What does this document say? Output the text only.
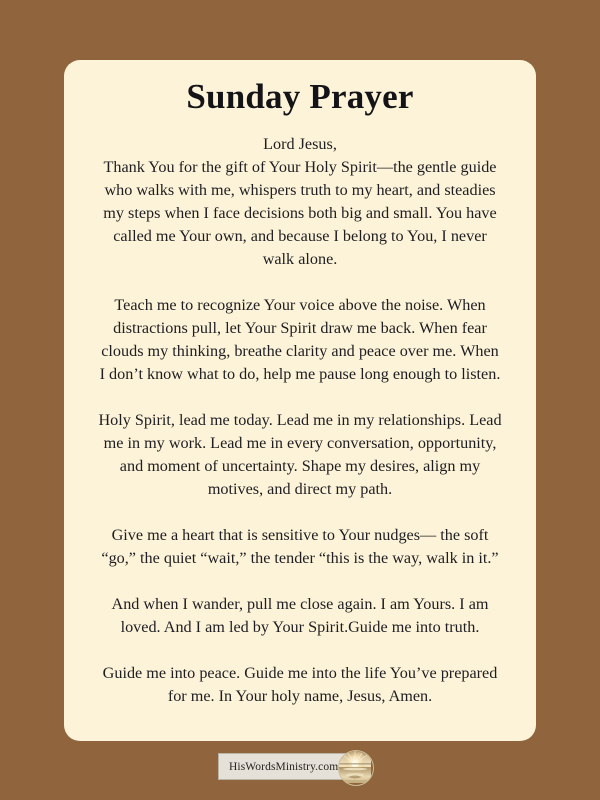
Sunday Prayer
Lord Jesus,

Thank You for the gift of Your Holy Spirit—the gentle guide who walks with me, whispers truth to my heart, and steadies my steps when I face decisions both big and small. You have called me Your own, and because I belong to You, I never walk alone.

Teach me to recognize Your voice above the noise. When distractions pull, let Your Spirit draw me back. When fear clouds my thinking, breathe clarity and peace over me. When I don’t know what to do, help me pause long enough to listen.

Holy Spirit, lead me today. Lead me in my relationships. Lead me in my work. Lead me in every conversation, opportunity, and moment of uncertainty. Shape my desires, align my motives, and direct my path.

Give me a heart that is sensitive to Your nudges— the soft “go,” the quiet “wait,” the tender “this is the way, walk in it.”

And when I wander, pull me close again. I am Yours. I am loved. And I am led by Your Spirit.Guide me into truth.

Guide me into peace. Guide me into the life You’ve prepared for me. In Your holy name, Jesus, Amen.

HisWordsMinistry.com
